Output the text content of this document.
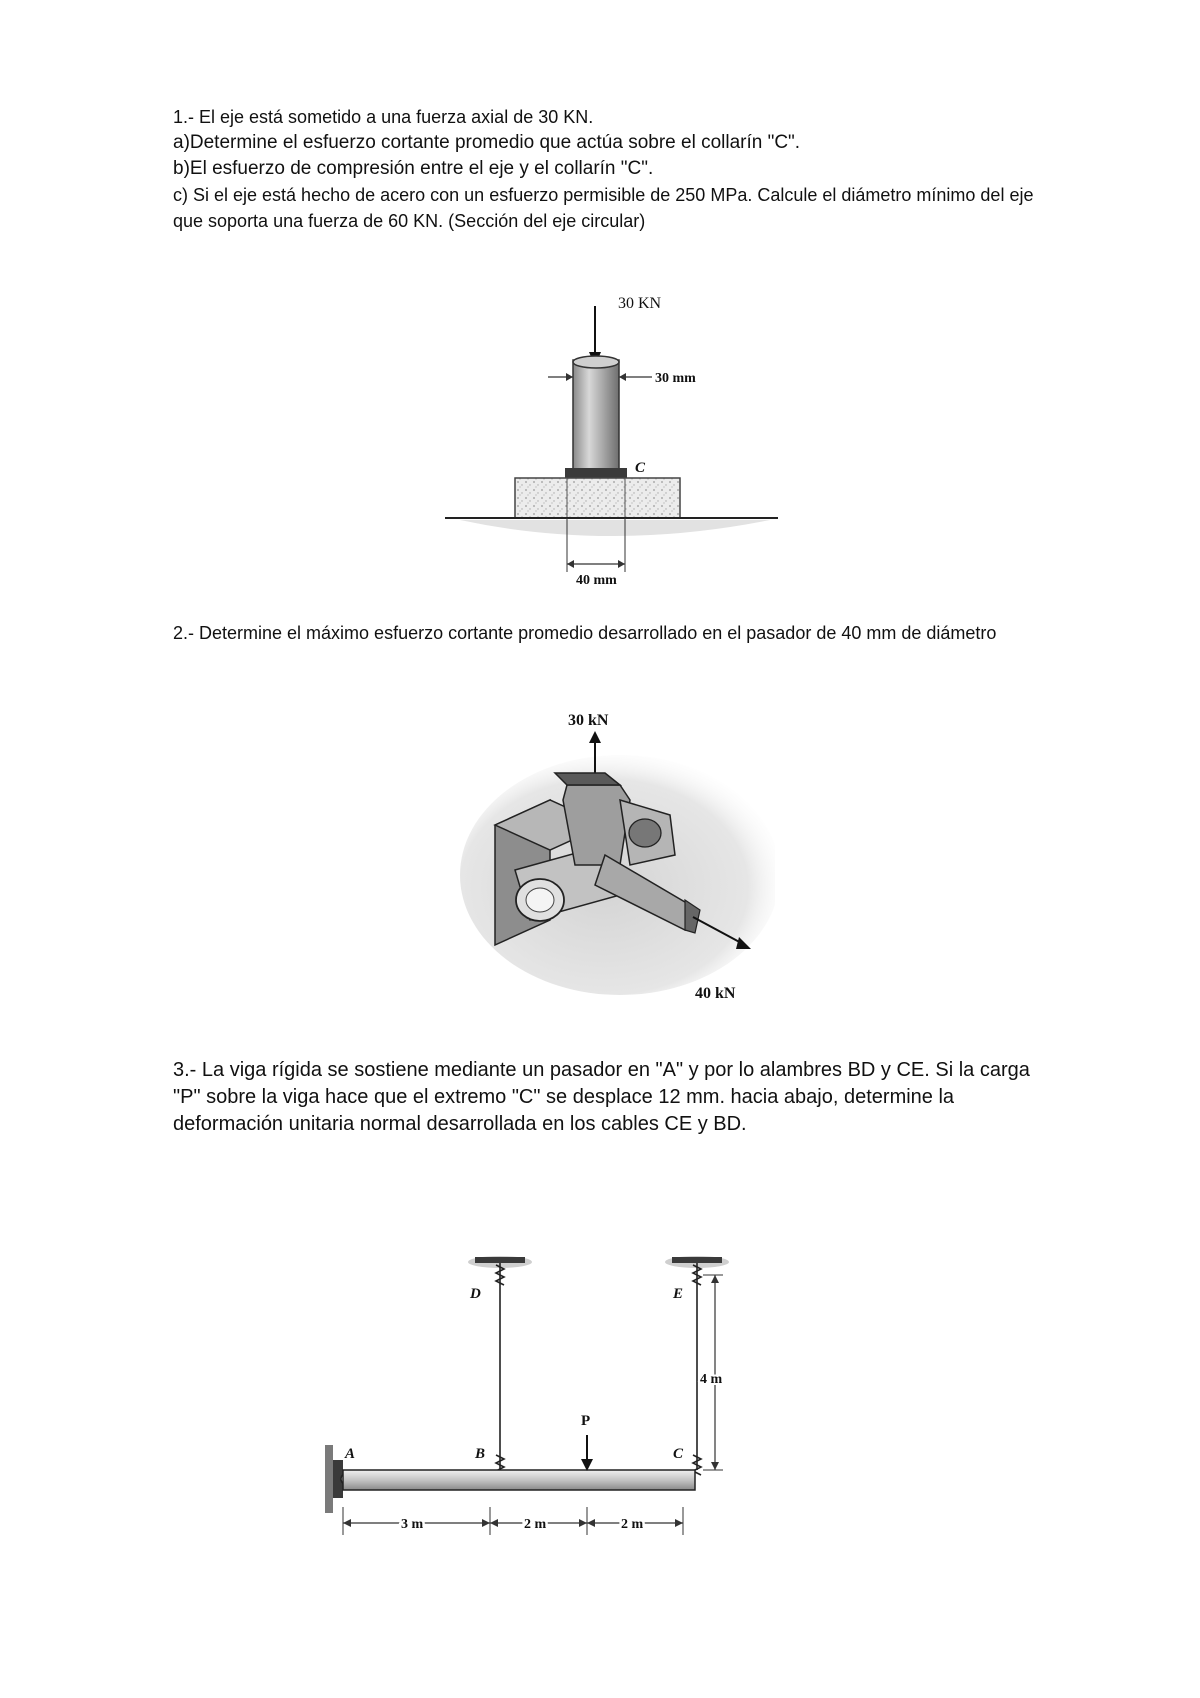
1.- El eje está sometido a una fuerza axial de 30 KN.

a)Determine el esfuerzo cortante promedio que actúa sobre el collarín "C".

b)El esfuerzo de compresión entre el eje y el collarín "C".

c) Si el eje está hecho de acero con un esfuerzo permisible de 250 MPa. Calcule el diámetro mínimo del eje que soporta una fuerza de 60 KN. (Sección del eje circular)

30 KN
30 mm
C
40 mm

2.- Determine el máximo esfuerzo cortante promedio desarrollado en el pasador de 40 mm de diámetro

30 kN
40 kN

3.- La viga rígida se sostiene mediante un pasador en "A" y por lo alambres BD y CE. Si la carga "P" sobre la viga hace que el extremo "C" se desplace 12 mm. hacia abajo, determine la deformación unitaria normal desarrollada en los cables CE y BD.

D	E
4 m
A	B	C
P
3 m	2 m	2 m
